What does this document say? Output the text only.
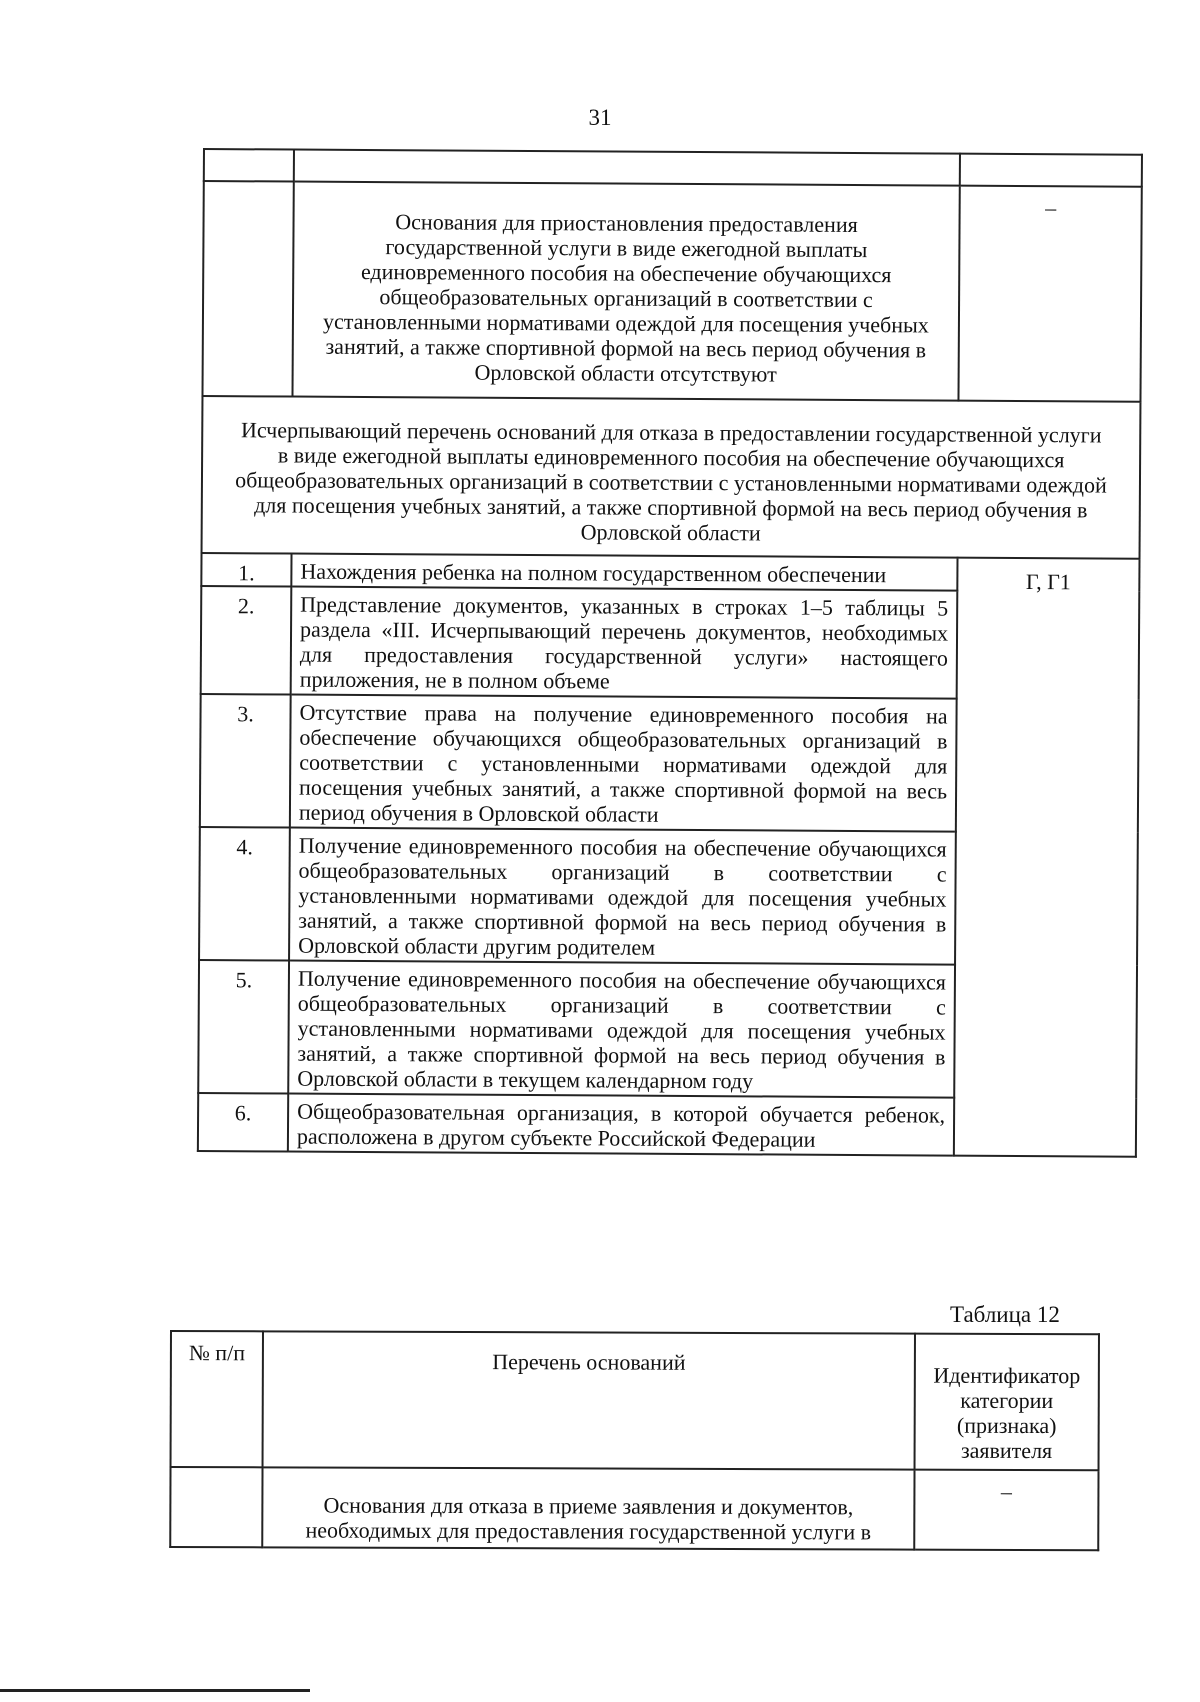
31

	Основания для приостановления предоставления государственной услуги в виде ежегодной выплаты единовременного пособия на обеспечение обучающихся общеобразовательных организаций в соответствии с установленными нормативами одеждой для посещения учебных занятий, а также спортивной формой на весь период обучения в Орловской области отсутствуют	–
Исчерпывающий перечень оснований для отказа в предоставлении государственной услуги в виде ежегодной выплаты единовременного пособия на обеспечение обучающихся общеобразовательных организаций в соответствии с установленными нормативами одеждой для посещения учебных занятий, а также спортивной формой на весь период обучения в Орловской области		
1.	Нахождения ребенка на полном государственном обеспечении	Г, Г1
2.	Представление документов, указанных в строках 1–5 таблицы 5 раздела «III. Исчерпывающий перечень документов, необходимых для предоставления государственной услуги» настоящего приложения, не в полном объеме	
3.	Отсутствие права на получение единовременного пособия на обеспечение обучающихся общеобразовательных организаций в соответствии с установленными нормативами одеждой для посещения учебных занятий, а также спортивной формой на весь период обучения в Орловской области	
4.	Получение единовременного пособия на обеспечение обучающихся общеобразовательных организаций в соответствии с установленными нормативами одеждой для посещения учебных занятий, а также спортивной формой на весь период обучения в Орловской области другим родителем	
5.	Получение единовременного пособия на обеспечение обучающихся общеобразовательных организаций в соответствии с установленными нормативами одеждой для посещения учебных занятий, а также спортивной формой на весь период обучения в Орловской области в текущем календарном году	
6.	Общеобразовательная организация, в которой обучается ребенок, расположена в другом субъекте Российской Федерации	
Таблица 12
№ п/п	Перечень оснований	Идентификатор категории (признака) заявителя
	Основания для отказа в приеме заявления и документов, необходимых для предоставления государственной услуги в	–
